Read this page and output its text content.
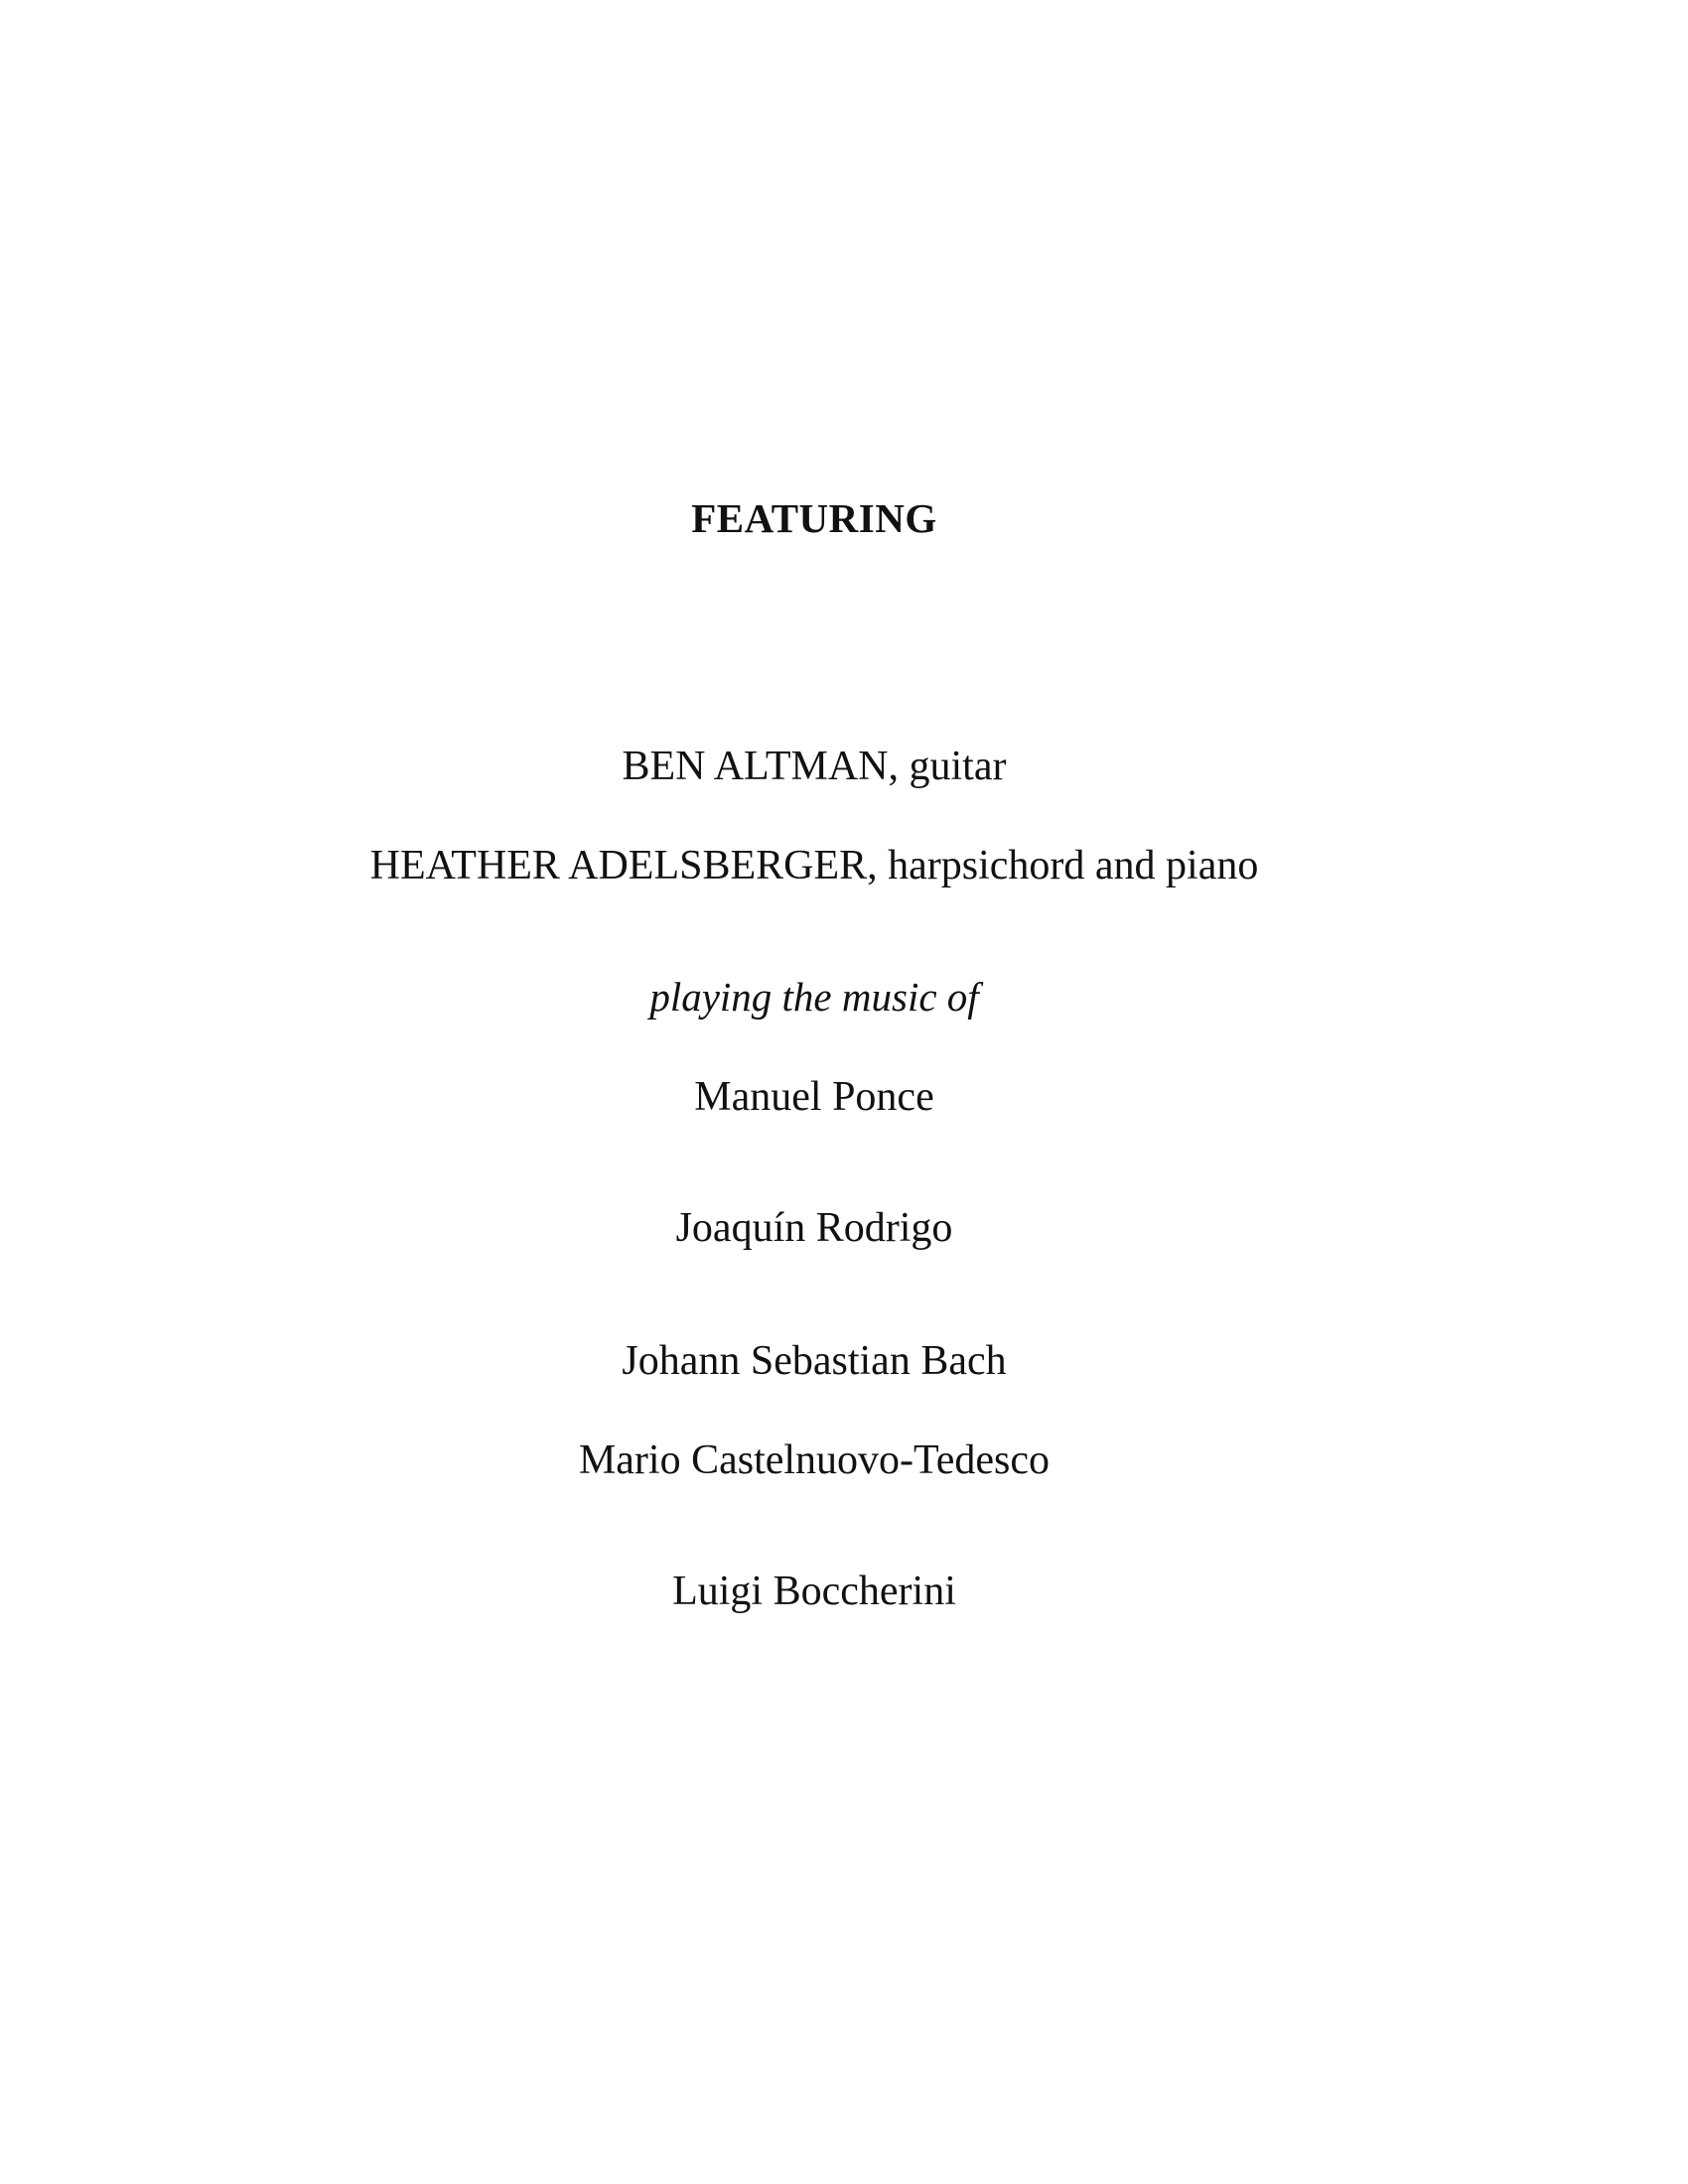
FEATURING
BEN ALTMAN, guitar
HEATHER ADELSBERGER, harpsichord and piano
playing the music of
Manuel Ponce
Joaquín Rodrigo
Johann Sebastian Bach
Mario Castelnuovo-Tedesco
Luigi Boccherini
